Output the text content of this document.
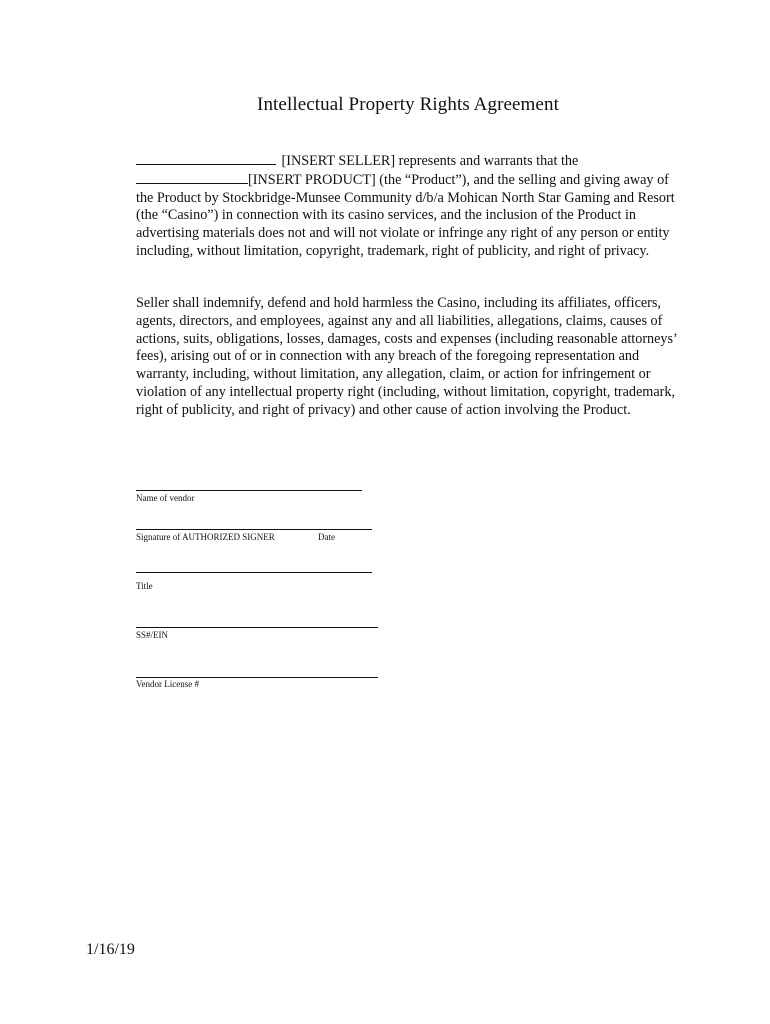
Intellectual Property Rights Agreement

[INSERT SELLER] represents and warrants that the
[INSERT PRODUCT] (the “Product”), and the selling and giving away of the Product by Stockbridge-Munsee Community d/b/a Mohican North Star Gaming and Resort (the “Casino”) in connection with its casino services, and the inclusion of the Product in advertising materials does not and will not violate or infringe any right of any person or entity including, without limitation, copyright, trademark, right of publicity, and right of privacy.

Seller shall indemnify, defend and hold harmless the Casino, including its affiliates, officers, agents, directors, and employees, against any and all liabilities, allegations, claims, causes of actions, suits, obligations, losses, damages, costs and expenses (including reasonable attorneys’ fees), arising out of or in connection with any breach of the foregoing representation and warranty, including, without limitation, any allegation, claim, or action for infringement or violation of any intellectual property right (including, without limitation, copyright, trademark, right of publicity, and right of privacy) and other cause of action involving the Product.

Name of vendor

Signature of AUTHORIZED SIGNER	Date

Title

SS#/EIN

Vendor License #

1/16/19
